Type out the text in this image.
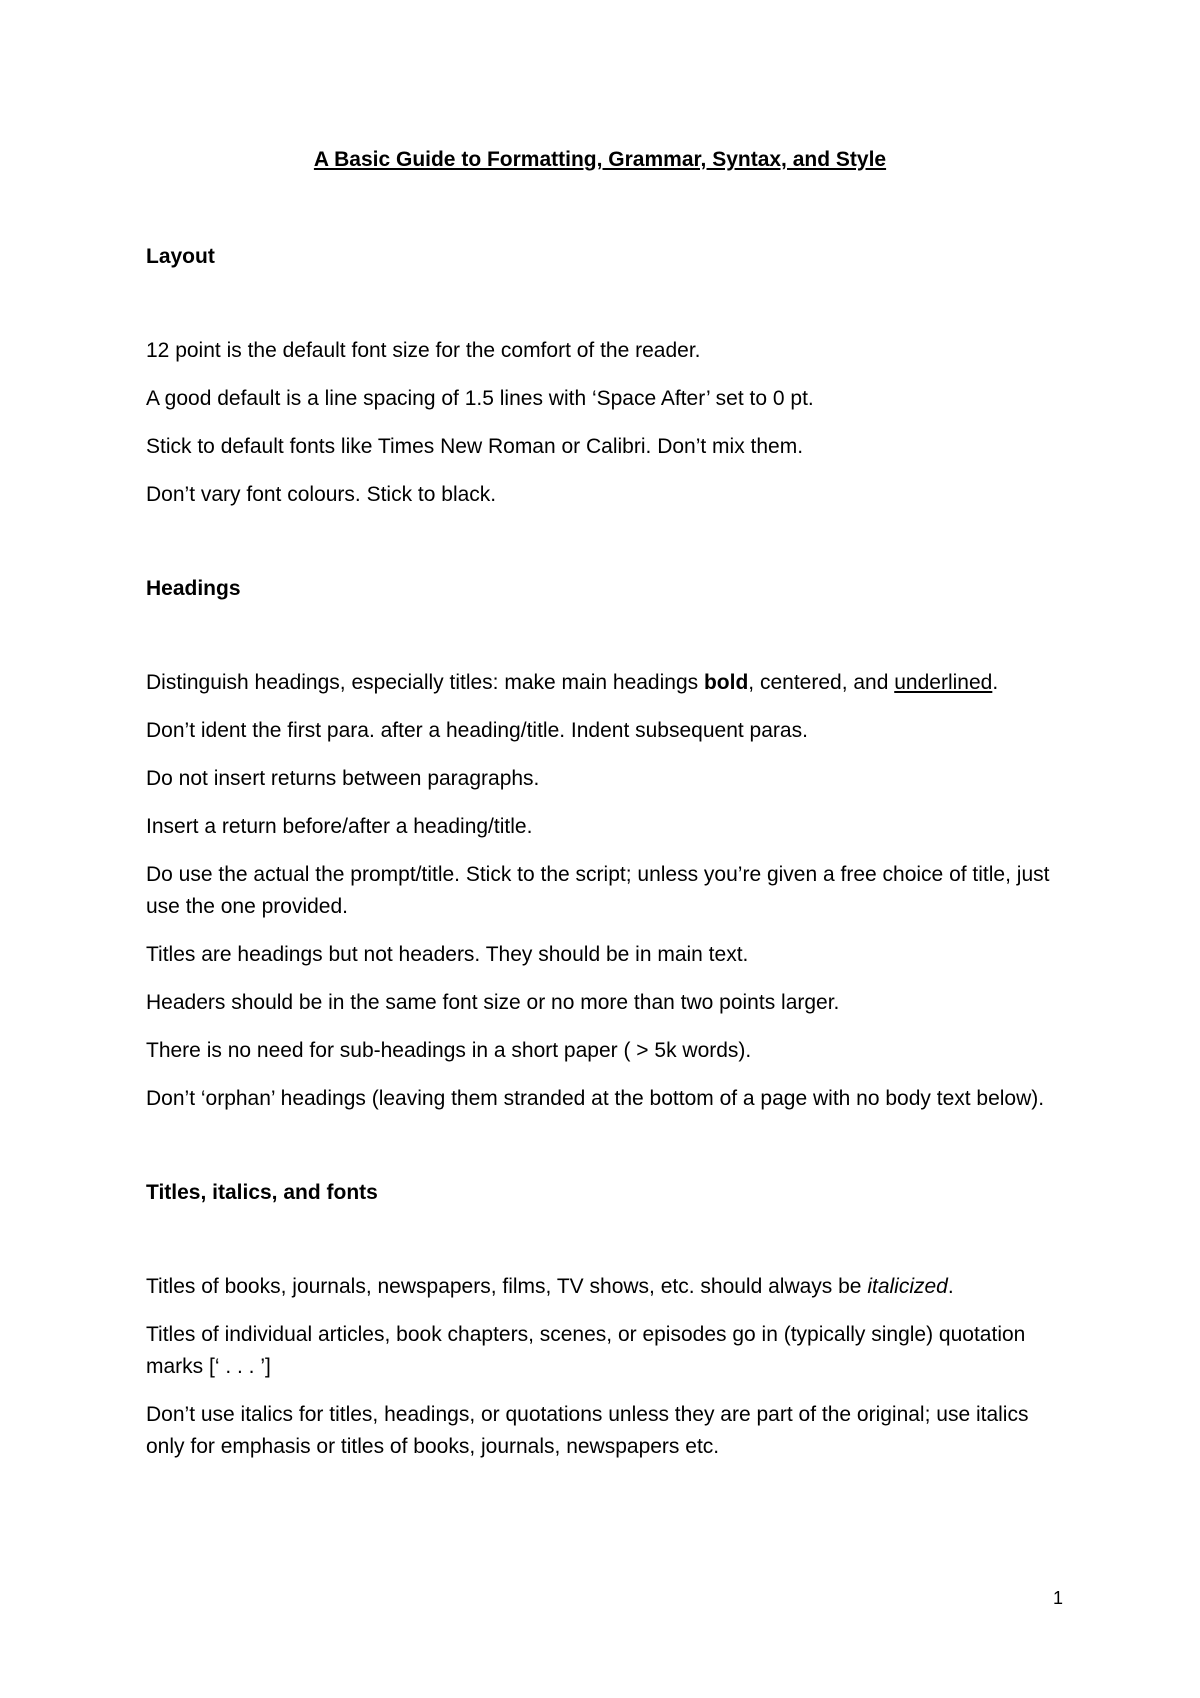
A Basic Guide to Formatting, Grammar, Syntax, and Style

Layout

12 point is the default font size for the comfort of the reader.

A good default is a line spacing of 1.5 lines with ‘Space After’ set to 0 pt.

Stick to default fonts like Times New Roman or Calibri. Don’t mix them.

Don’t vary font colours. Stick to black.

Headings

Distinguish headings, especially titles: make main headings bold, centered, and underlined.

Don’t ident the first para. after a heading/title. Indent subsequent paras.

Do not insert returns between paragraphs.

Insert a return before/after a heading/title.

Do use the actual the prompt/title. Stick to the script; unless you’re given a free choice of title, just use the one provided.

Titles are headings but not headers. They should be in main text.

Headers should be in the same font size or no more than two points larger.

There is no need for sub-headings in a short paper ( > 5k words).

Don’t ‘orphan’ headings (leaving them stranded at the bottom of a page with no body text below).

Titles, italics, and fonts

Titles of books, journals, newspapers, films, TV shows, etc. should always be italicized.

Titles of individual articles, book chapters, scenes, or episodes go in (typically single) quotation marks [‘ . . . ’]

Don’t use italics for titles, headings, or quotations unless they are part of the original; use italics only for emphasis or titles of books, journals, newspapers etc.

1
